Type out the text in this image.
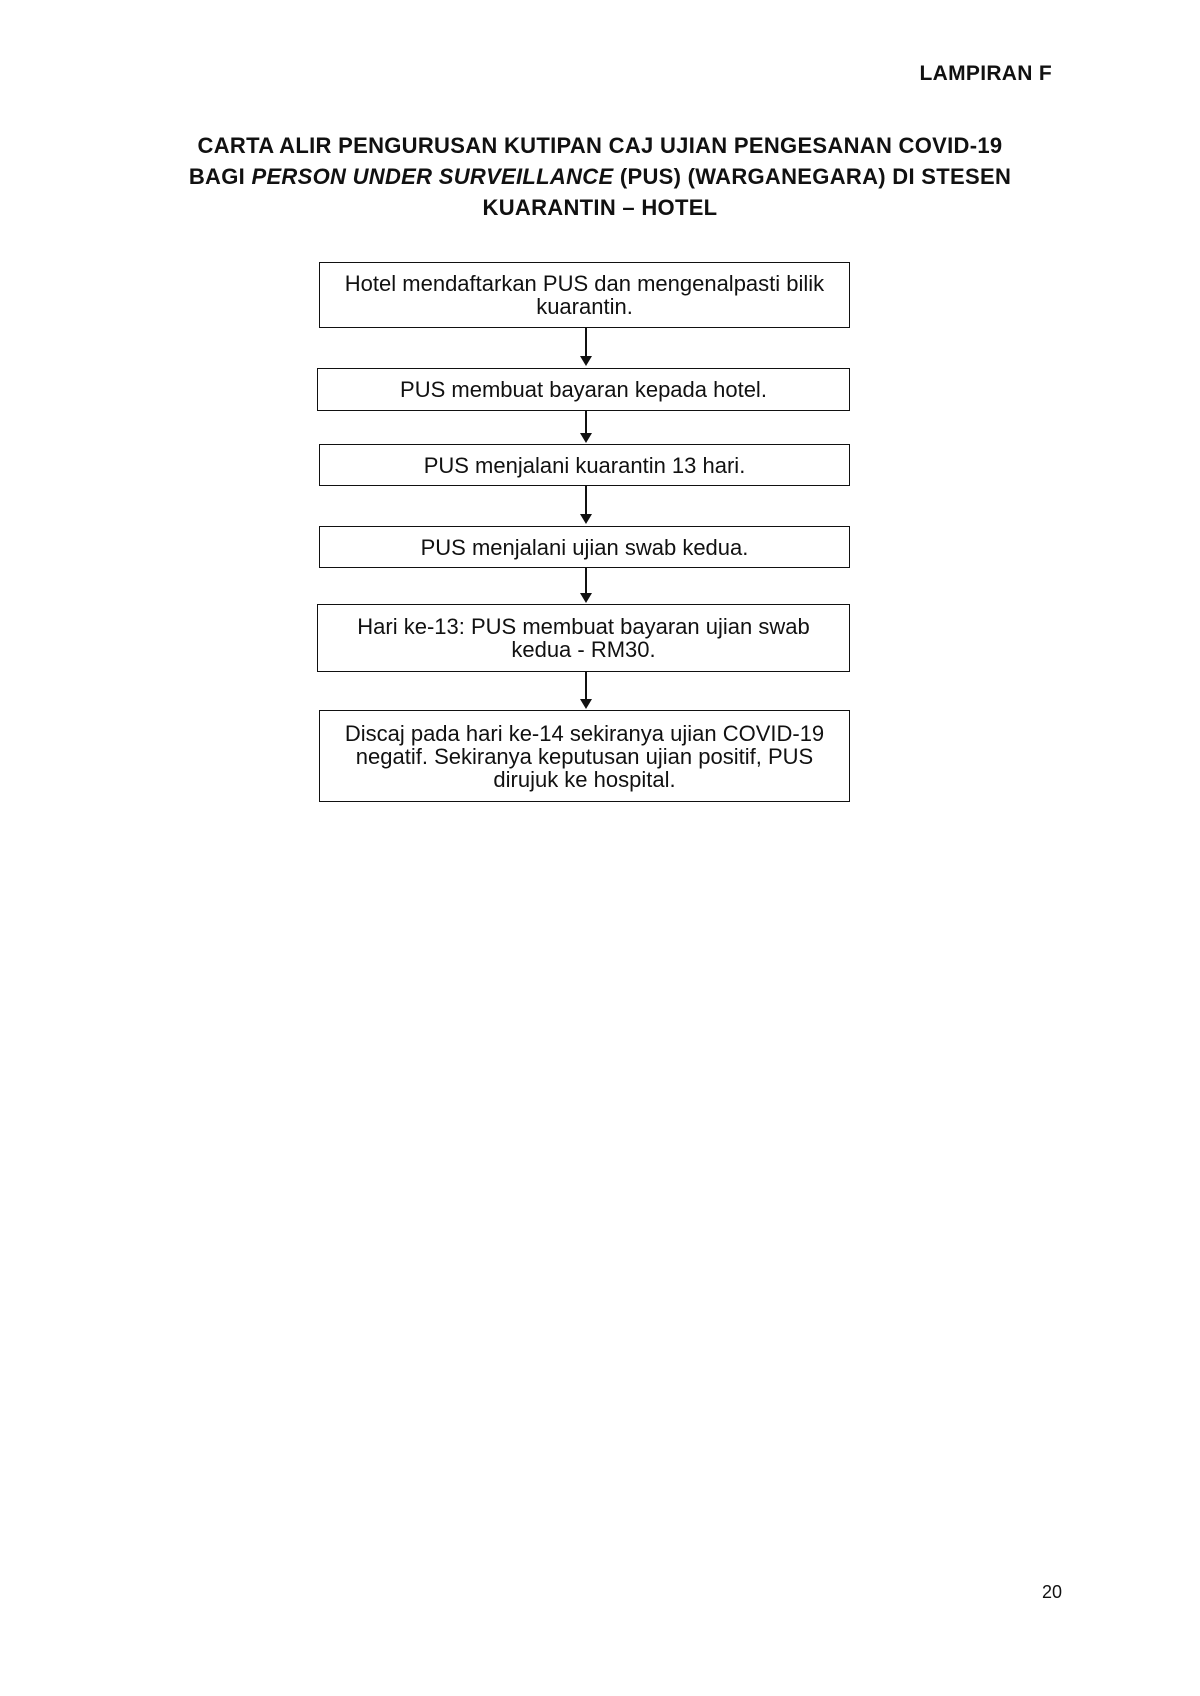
LAMPIRAN F
CARTA ALIR PENGURUSAN KUTIPAN CAJ UJIAN PENGESANAN COVID-19
BAGI PERSON UNDER SURVEILLANCE (PUS) (WARGANEGARA) DI STESEN
KUARANTIN – HOTEL
Hotel mendaftarkan PUS dan mengenalpasti bilik kuarantin.
PUS membuat bayaran kepada hotel.
PUS menjalani kuarantin 13 hari.
PUS menjalani ujian swab kedua.
Hari ke-13: PUS membuat bayaran ujian swab kedua - RM30.
Discaj pada hari ke-14 sekiranya ujian COVID-19 negatif. Sekiranya keputusan ujian positif, PUS dirujuk ke hospital.
20
